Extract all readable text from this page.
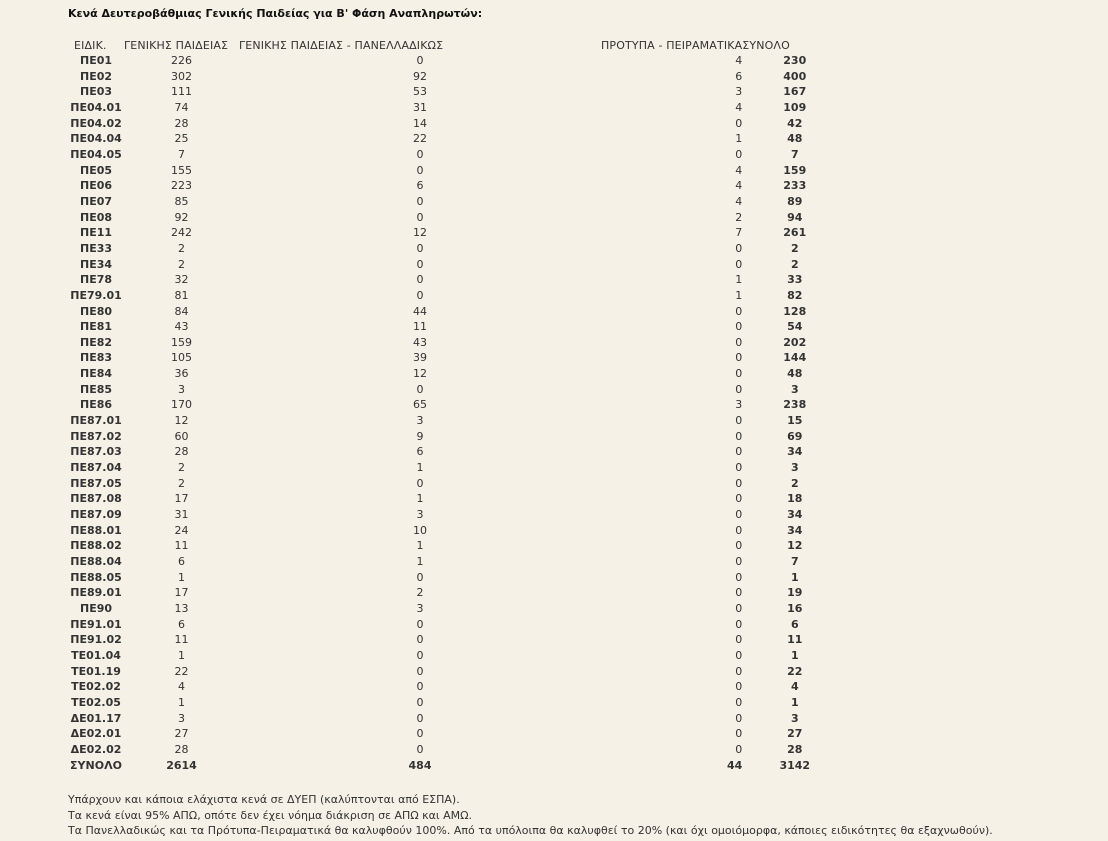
Κενά Δευτεροβάθμιας Γενικής Παιδείας για Β' Φάση Αναπληρωτών:
ΕΙΔΙΚ.	ΓΕΝΙΚΗΣ ΠΑΙΔΕΙΑΣ	ΓΕΝΙΚΗΣ ΠΑΙΔΕΙΑΣ - ΠΑΝΕΛΛΑΔΙΚΩΣ	ΠΡΟΤΥΠΑ - ΠΕΙΡΑΜΑΤΙΚΑ	ΣΥΝΟΛΟ
ΠΕ01	226	0	4	230
ΠΕ02	302	92	6	400
ΠΕ03	111	53	3	167
ΠΕ04.01	74	31	4	109
ΠΕ04.02	28	14	0	42
ΠΕ04.04	25	22	1	48
ΠΕ04.05	7	0	0	7
ΠΕ05	155	0	4	159
ΠΕ06	223	6	4	233
ΠΕ07	85	0	4	89
ΠΕ08	92	0	2	94
ΠΕ11	242	12	7	261
ΠΕ33	2	0	0	2
ΠΕ34	2	0	0	2
ΠΕ78	32	0	1	33
ΠΕ79.01	81	0	1	82
ΠΕ80	84	44	0	128
ΠΕ81	43	11	0	54
ΠΕ82	159	43	0	202
ΠΕ83	105	39	0	144
ΠΕ84	36	12	0	48
ΠΕ85	3	0	0	3
ΠΕ86	170	65	3	238
ΠΕ87.01	12	3	0	15
ΠΕ87.02	60	9	0	69
ΠΕ87.03	28	6	0	34
ΠΕ87.04	2	1	0	3
ΠΕ87.05	2	0	0	2
ΠΕ87.08	17	1	0	18
ΠΕ87.09	31	3	0	34
ΠΕ88.01	24	10	0	34
ΠΕ88.02	11	1	0	12
ΠΕ88.04	6	1	0	7
ΠΕ88.05	1	0	0	1
ΠΕ89.01	17	2	0	19
ΠΕ90	13	3	0	16
ΠΕ91.01	6	0	0	6
ΠΕ91.02	11	0	0	11
ΤΕ01.04	1	0	0	1
ΤΕ01.19	22	0	0	22
ΤΕ02.02	4	0	0	4
ΤΕ02.05	1	0	0	1
ΔΕ01.17	3	0	0	3
ΔΕ02.01	27	0	0	27
ΔΕ02.02	28	0	0	28
ΣΥΝΟΛΟ	2614	484	44	3142
Υπάρχουν και κάποια ελάχιστα κενά σε ΔΥΕΠ (καλύπτονται από ΕΣΠΑ).
Τα κενά είναι 95% ΑΠΩ, οπότε δεν έχει νόημα διάκριση σε ΑΠΩ και ΑΜΩ.
Τα Πανελλαδικώς και τα Πρότυπα-Πειραματικά θα καλυφθούν 100%. Από τα υπόλοιπα θα καλυφθεί το 20% (και όχι ομοιόμορφα, κάποιες ειδικότητες θα εξαχνωθούν).
